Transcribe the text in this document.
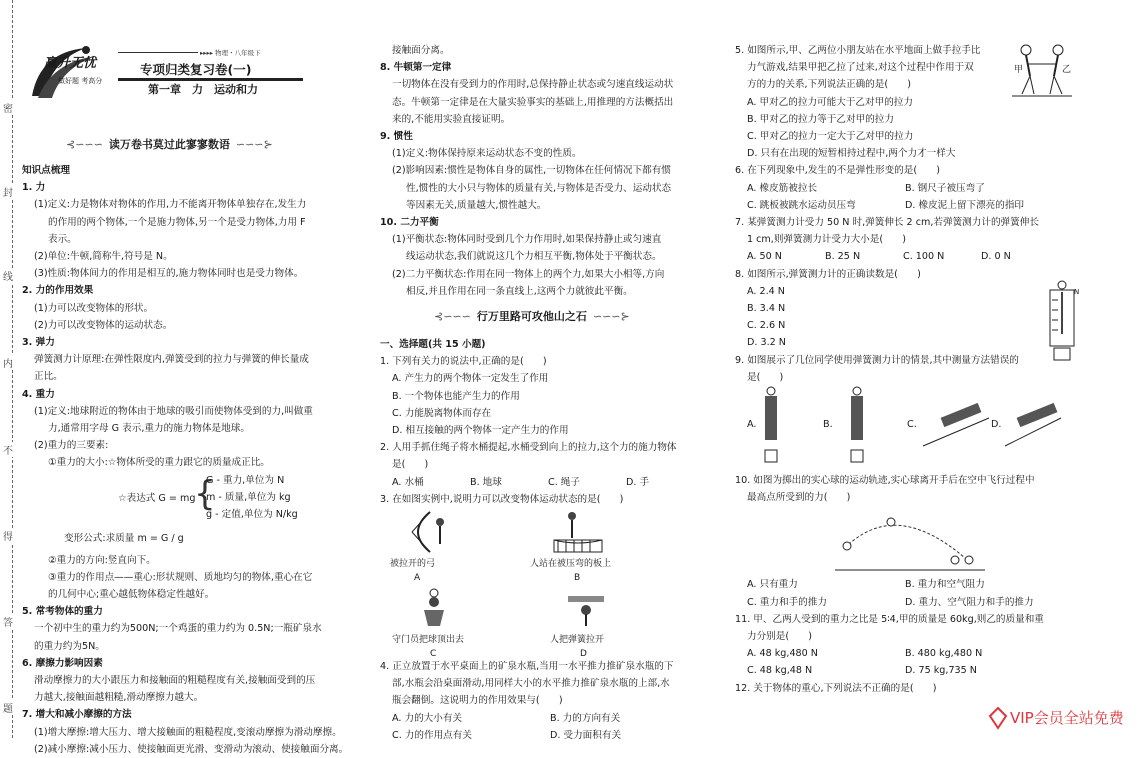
密
封
线
内
不
得
答
题
赢升无忧
做好题 考高分
▸▸▸▸ 物理・八年级下
专项归类复习卷(一)
第一章　力　运动和力
⊰∽∽∽ 读万卷书莫过此寥寥数语 ∽∽∽⊱

知识点梳理

1. 力

(1)定义:力是物体对物体的作用,力不能离开物体单独存在,发生力

的作用的两个物体,一个是施力物体,另一个是受力物体,力用 F

表示。

(2)单位:牛顿,简称牛,符号是 N。

(3)性质:物体间力的作用是相互的,施力物体同时也是受力物体。

2. 力的作用效果

(1)力可以改变物体的形状。

(2)力可以改变物体的运动状态。

3. 弹力

弹簧测力计原理:在弹性限度内,弹簧受到的拉力与弹簧的伸长量成

正比。

4. 重力

(1)定义:地球附近的物体由于地球的吸引而使物体受到的力,叫做重

力,通常用字母 G 表示,重力的施力物体是地球。

(2)重力的三要素:

①重力的大小:☆物体所受的重力跟它的质量成正比。

☆表达式 G = mg
{
G - 重力,单位为 N
m - 质量,单位为 kg
g - 定值,单位为 N/kg

变形公式:求质量 m = G / g

②重力的方向:竖直向下。

③重力的作用点——重心:形状规则、质地均匀的物体,重心在它

的几何中心;重心越低物体稳定性越好。

5. 常考物体的重力

一个初中生的重力约为500N;一个鸡蛋的重力约为 0.5N;一瓶矿泉水

的重力约为5N。

6. 摩擦力影响因素

滑动摩擦力的大小跟压力和接触面的粗糙程度有关,接触面受到的压

力越大,接触面越粗糙,滑动摩擦力越大。

7. 增大和减小摩擦的方法

(1)增大摩擦:增大压力、增大接触面的粗糙程度,变滚动摩擦为滑动摩擦。

(2)减小摩擦:减小压力、使接触面更光滑、变滑动为滚动、使接触面分离。

接触面分离。

8. 牛顿第一定律

一切物体在没有受到力的作用时,总保持静止状态或匀速直线运动状

态。牛顿第一定律是在大量实验事实的基础上,用推理的方法概括出

来的,不能用实验直接证明。

9. 惯性

(1)定义:物体保持原来运动状态不变的性质。

(2)影响因素:惯性是物体自身的属性,一切物体在任何情况下都有惯

性,惯性的大小只与物体的质量有关,与物体是否受力、运动状态

等因素无关,质量越大,惯性越大。

10. 二力平衡

(1)平衡状态:物体同时受到几个力作用时,如果保持静止或匀速直

线运动状态,我们就说这几个力相互平衡,物体处于平衡状态。

(2)二力平衡状态:作用在同一物体上的两个力,如果大小相等,方向

相反,并且作用在同一条直线上,这两个力就彼此平衡。

⊰∽∽∽ 行万里路可攻他山之石 ∽∽∽⊱

一、选择题(共 15 小题)

1. 下列有关力的说法中,正确的是(　　)

A. 产生力的两个物体一定发生了作用

B. 一个物体也能产生力的作用

C. 力能脱离物体而存在

D. 相互接触的两个物体一定产生力的作用

2. 人用手抓住绳子将水桶提起,水桶受到向上的拉力,这个力的施力物体

是(　　)

A. 水桶	B. 地球	C. 绳子	D. 手

3. 在如图实例中,说明力可以改变物体运动状态的是(　　)

被拉开的弓
A
人站在被压弯的板上
B
守门员把球顶出去
C
人把弹簧拉开
D

4. 正立放置于水平桌面上的矿泉水瓶,当用一水平推力推矿泉水瓶的下

部,水瓶会沿桌面滑动,用同样大小的水平推力推矿泉水瓶的上部,水

瓶会翻倒。这说明力的作用效果与(　　)

A. 力的大小有关	B. 力的方向有关
C. 力的作用点有关	D. 受力面积有关

5. 如图所示,甲、乙两位小朋友站在水平地面上做手拉手比

力气游戏,结果甲把乙拉了过来,对这个过程中作用于双

方的力的关系,下列说法正确的是(　　)

A. 甲对乙的拉力可能大于乙对甲的拉力

B. 甲对乙的拉力等于乙对甲的拉力

C. 甲对乙的拉力一定大于乙对甲的拉力

D. 只有在出现的短暂相持过程中,两个力才一样大

6. 在下列现象中,发生的不是弹性形变的是(　　)

A. 橡皮筋被拉长	B. 钢尺子被压弯了
C. 跳板被跳水运动员压弯	D. 橡皮泥上留下漂亮的指印

7. 某弹簧测力计受力 50 N 时,弹簧伸长 2 cm,若弹簧测力计的弹簧伸长

1 cm,则弹簧测力计受力大小是(　　)

A. 50 N	B. 25 N	C. 100 N	D. 0 N

8. 如图所示,弹簧测力计的正确读数是(　　)

A. 2.4 N

B. 3.4 N

C. 2.6 N

D. 3.2 N

9. 如图展示了几位同学使用弹簧测力计的情景,其中测量方法错误的

是(　　)

A.	B.	C.	D.

10. 如图为掷出的实心球的运动轨迹,实心球离开手后在空中飞行过程中

最高点所受到的力(　　)

A. 只有重力	B. 重力和空气阻力
C. 重力和手的推力	D. 重力、空气阻力和手的推力

11. 甲、乙两人受到的重力之比是 5∶4,甲的质量是 60kg,则乙的质量和重

力分别是(　　)

A. 48 kg,480 N	B. 480 kg,480 N
C. 48 kg,48 N	D. 75 kg,735 N

12. 关于物体的重心,下列说法不正确的是(　　)

甲	乙
N
VIP会员全站免费
